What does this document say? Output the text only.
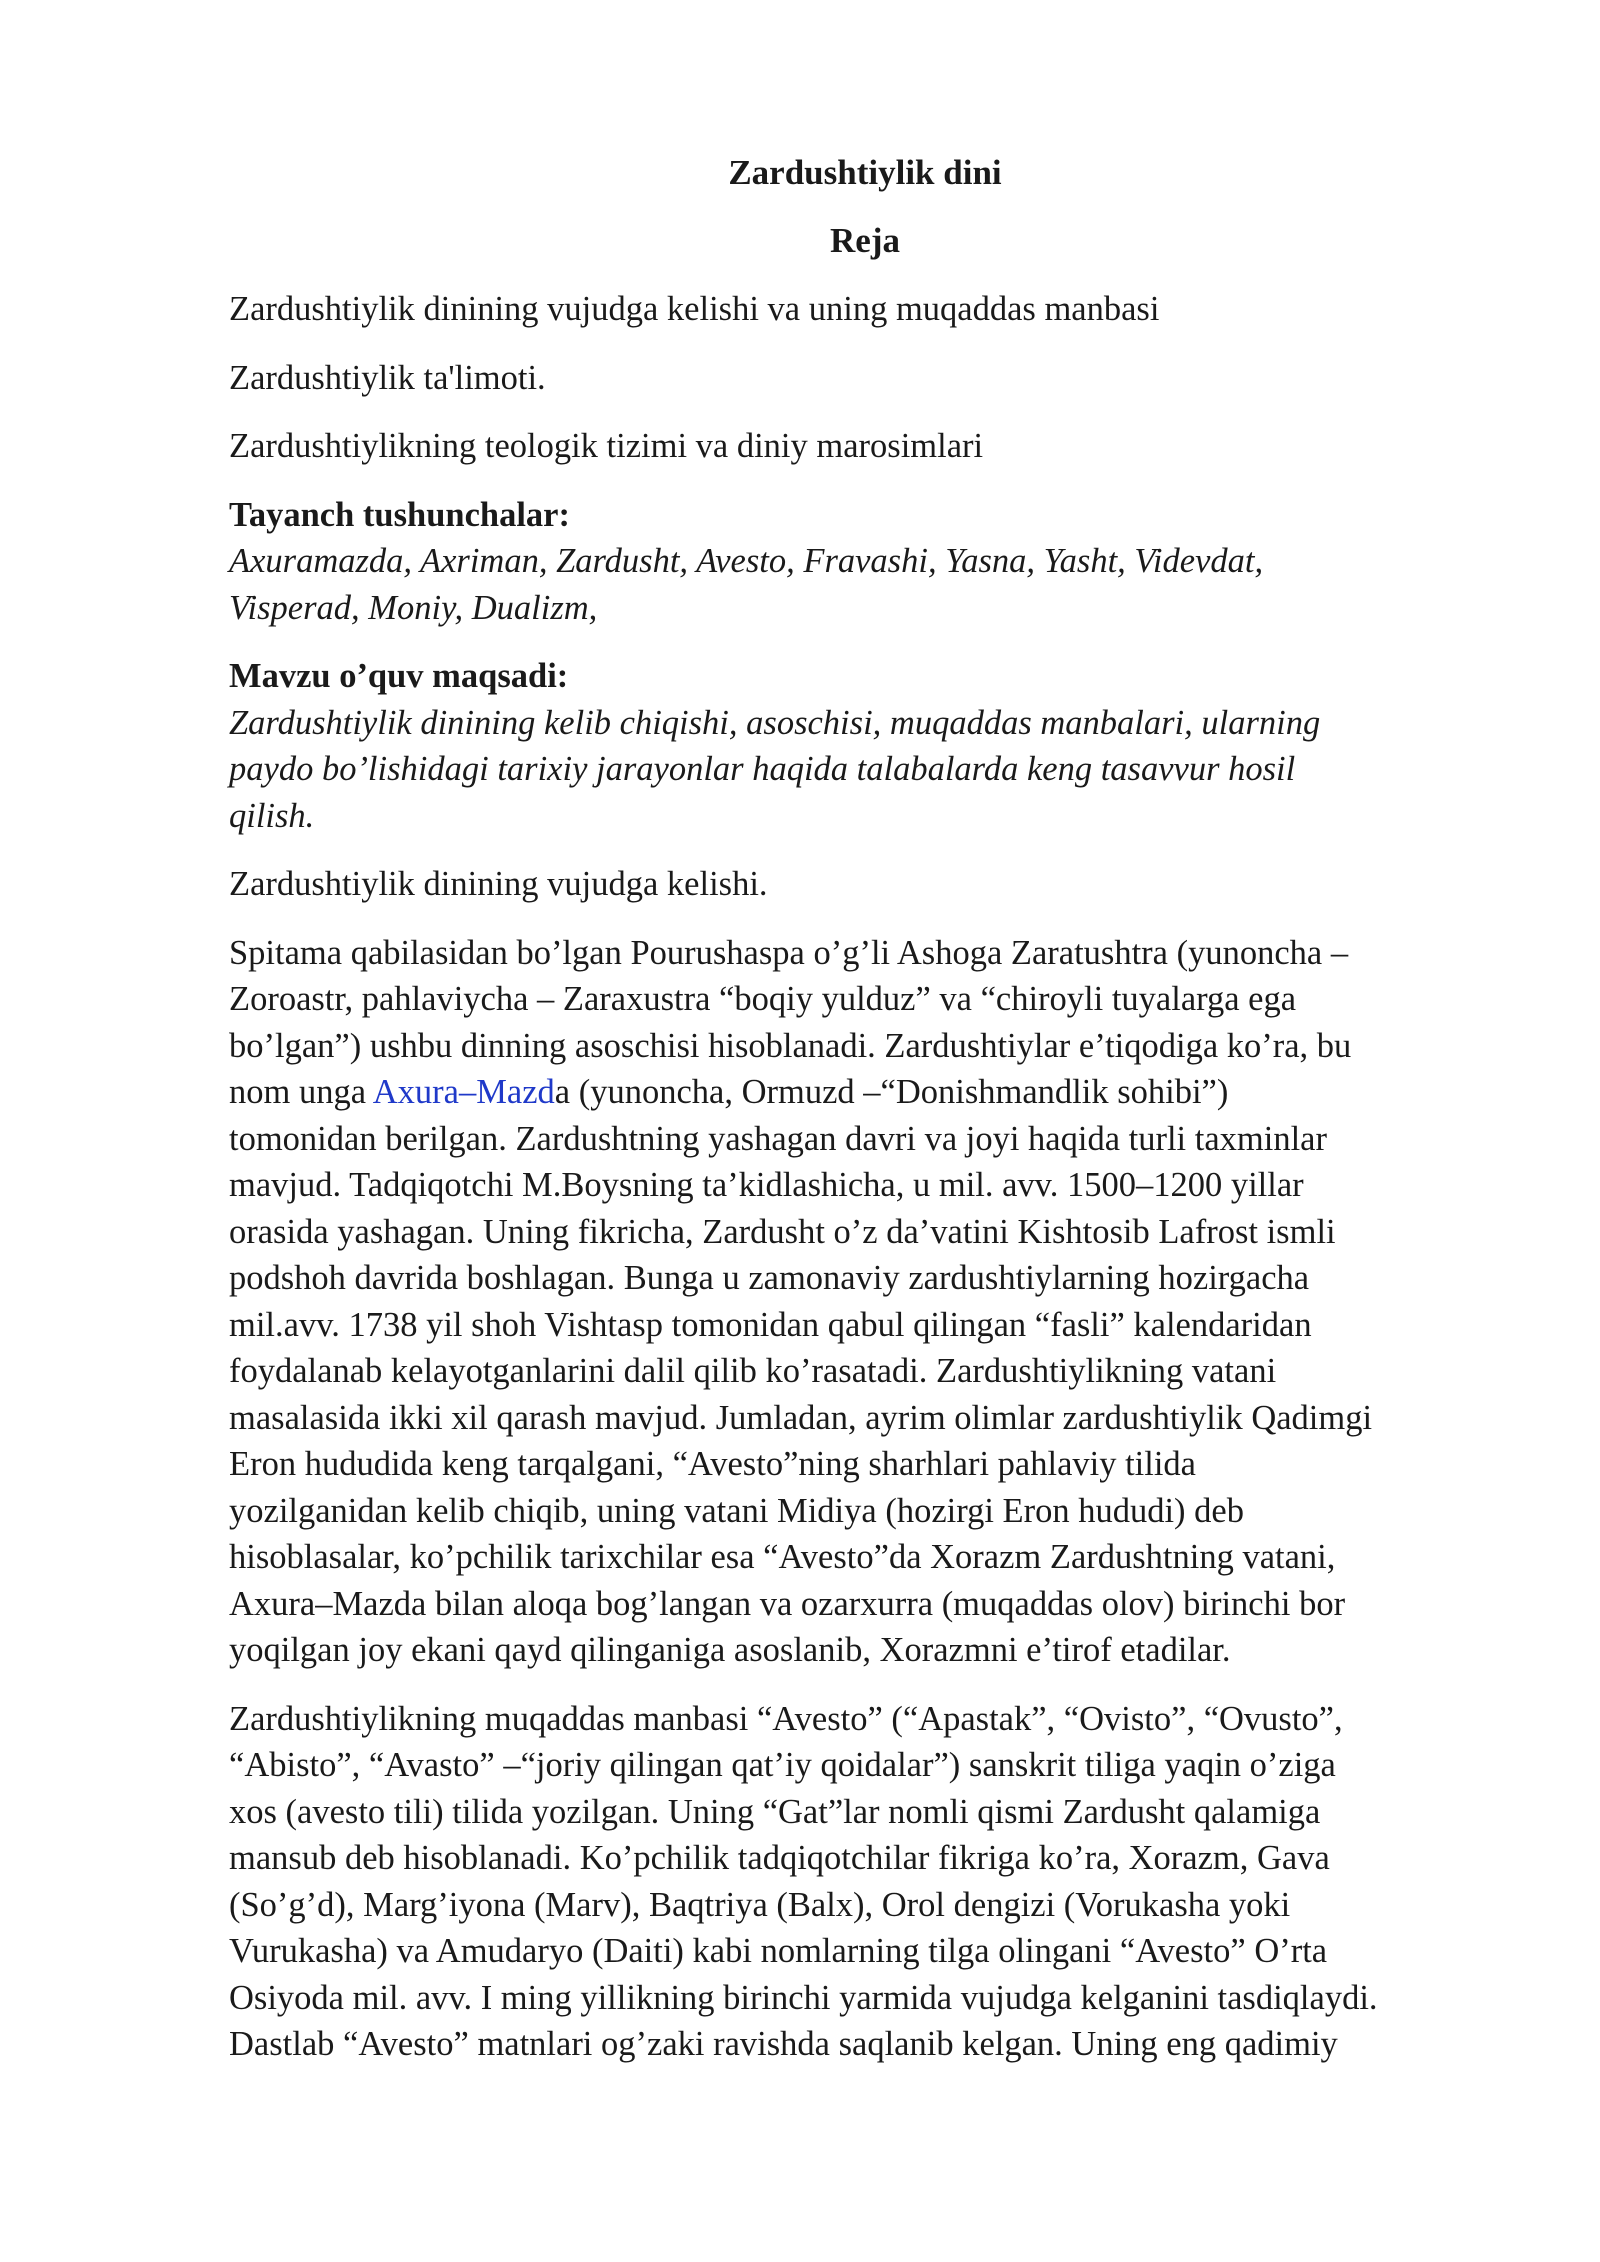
Zardushtiylik dini

Reja

Zardushtiylik dinining vujudga kelishi va uning muqaddas manbasi

Zardushtiylik ta'limoti.

Zardushtiylikning teologik tizimi va diniy marosimlari

Tayanch tushunchalar:

Axuramazda, Axriman, Zardusht, Avesto, Fravashi, Yasna, Yasht, Videvdat,

Visperad, Moniy, Dualizm,

Mavzu o’quv maqsadi:

Zardushtiylik dinining kelib chiqishi, asoschisi, muqaddas manbalari, ularning

paydo bo’lishidagi tarixiy jarayonlar haqida talabalarda keng tasavvur hosil

qilish.

Zardushtiylik dinining vujudga kelishi.

Spitama qabilasidan bo’lgan Pourushaspa o’g’li Ashoga Zaratushtra (yunoncha –

Zoroastr, pahlaviycha – Zaraxustra “boqiy yulduz” va “chiroyli tuyalarga ega

bo’lgan”) ushbu dinning asoschisi hisoblanadi. Zardushtiylar e’tiqodiga ko’ra, bu

nom unga Axura–Mazda (yunoncha, Ormuzd –“Donishmandlik sohibi”)

tomonidan berilgan. Zardushtning yashagan davri va joyi haqida turli taxminlar

mavjud. Tadqiqotchi M.Boysning ta’kidlashicha, u mil. avv. 1500–1200 yillar

orasida yashagan. Uning fikricha, Zardusht o’z da’vatini Kishtosib Lafrost ismli

podshoh davrida boshlagan. Bunga u zamonaviy zardushtiylarning hozirgacha

mil.avv. 1738 yil shoh Vishtasp tomonidan qabul qilingan “fasli” kalendaridan

foydalanab kelayotganlarini dalil qilib ko’rasatadi. Zardushtiylikning vatani

masalasida ikki xil qarash mavjud. Jumladan, ayrim olimlar zardushtiylik Qadimgi

Eron hududida keng tarqalgani, “Avesto”ning sharhlari pahlaviy tilida

yozilganidan kelib chiqib, uning vatani Midiya (hozirgi Eron hududi) deb

hisoblasalar, ko’pchilik tarixchilar esa “Avesto”da Xorazm Zardushtning vatani,

Axura–Mazda bilan aloqa bog’langan va ozarxurra (muqaddas olov) birinchi bor

yoqilgan joy ekani qayd qilinganiga asoslanib, Xorazmni e’tirof etadilar.

Zardushtiylikning muqaddas manbasi “Avesto” (“Apastak”, “Ovisto”, “Ovusto”,

“Abisto”, “Avasto” –“joriy qilingan qat’iy qoidalar”) sanskrit tiliga yaqin o’ziga

xos (avesto tili) tilida yozilgan. Uning “Gat”lar nomli qismi Zardusht qalamiga

mansub deb hisoblanadi. Ko’pchilik tadqiqotchilar fikriga ko’ra, Xorazm, Gava

(So’g’d), Marg’iyona (Marv), Baqtriya (Balx), Orol dengizi (Vorukasha yoki

Vurukasha) va Amudaryo (Daiti) kabi nomlarning tilga olingani “Avesto” O’rta

Osiyoda mil. avv. I ming yillikning birinchi yarmida vujudga kelganini tasdiqlaydi.

Dastlab “Avesto” matnlari og’zaki ravishda saqlanib kelgan. Uning eng qadimiy
